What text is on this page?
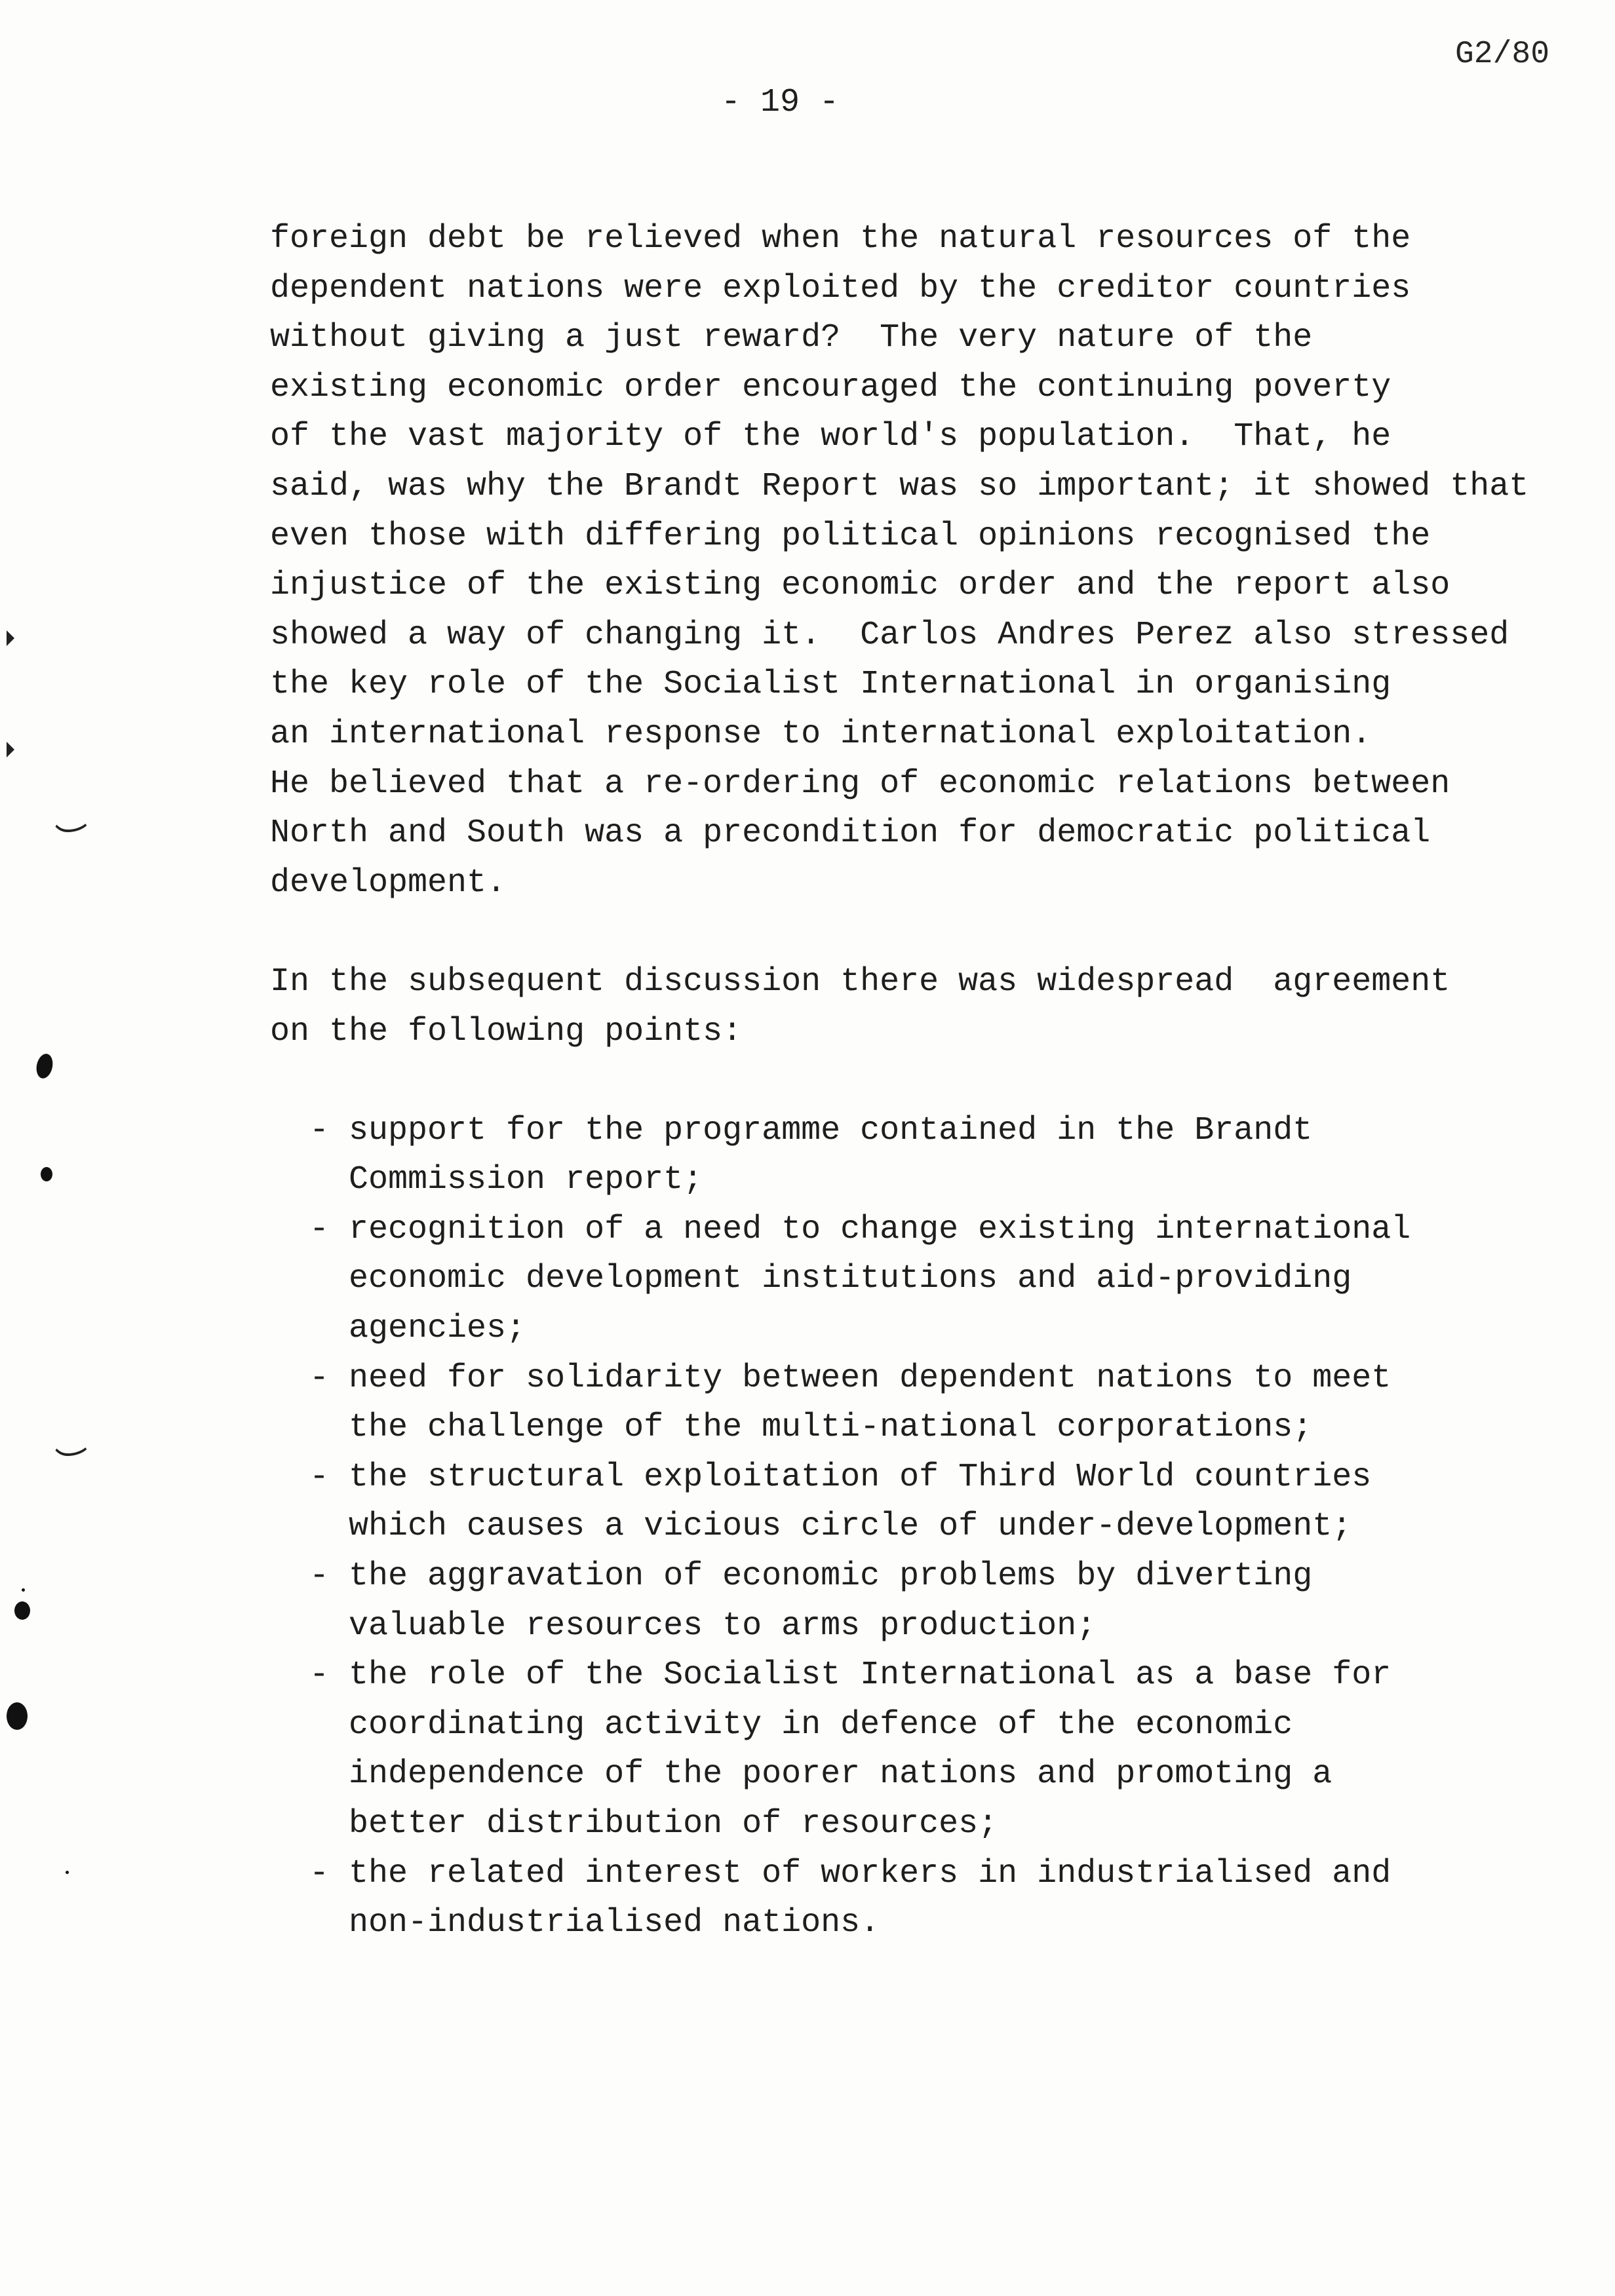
G2/80
- 19 -

foreign debt be relieved when the natural resources of the
dependent nations were exploited by the creditor countries
without giving a just reward?  The very nature of the
existing economic order encouraged the continuing poverty
of the vast majority of the world's population.  That, he
said, was why the Brandt Report was so important; it showed that
even those with differing political opinions recognised the
injustice of the existing economic order and the report also
showed a way of changing it.  Carlos Andres Perez also stressed
the key role of the Socialist International in organising
an international response to international exploitation.
He believed that a re-ordering of economic relations between
North and South was a precondition for democratic political
development.

In the subsequent discussion there was widespread  agreement
on the following points:

- support for the programme contained in the Brandt
Commission report;
- recognition of a need to change existing international
economic development institutions and aid-providing
agencies;
- need for solidarity between dependent nations to meet
the challenge of the multi-national corporations;
- the structural exploitation of Third World countries
which causes a vicious circle of under-development;
- the aggravation of economic problems by diverting
valuable resources to arms production;
- the role of the Socialist International as a base for
coordinating activity in defence of the economic
independence of the poorer nations and promoting a
better distribution of resources;
- the related interest of workers in industrialised and
non-industrialised nations.
